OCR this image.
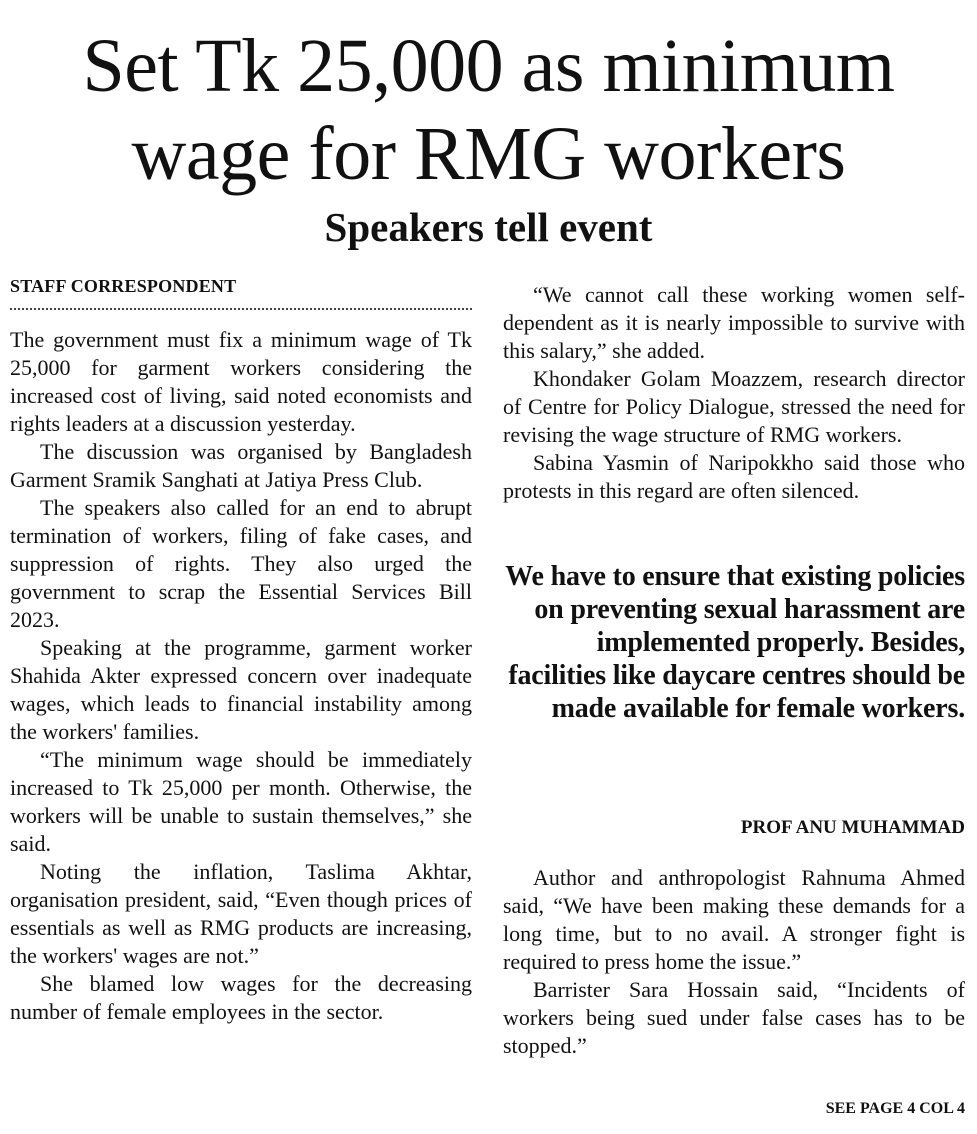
Set Tk 25,000 as minimum
wage for RMG workers
Speakers tell event
STAFF CORRESPONDENT

The government must fix a minimum wage of Tk 25,000 for garment workers considering the increased cost of living, said noted economists and rights leaders at a discussion yesterday.

The discussion was organised by Bangladesh Garment Sramik Sanghati at Jatiya Press Club.

The speakers also called for an end to abrupt termination of workers, filing of fake cases, and suppression of rights. They also urged the government to scrap the Essential Services Bill 2023.

Speaking at the programme, garment worker Shahida Akter expressed concern over inadequate wages, which leads to financial instability among the workers' families.

“The minimum wage should be immediately increased to Tk 25,000 per month. Otherwise, the workers will be unable to sustain themselves,” she said.

Noting the inflation, Taslima Akhtar, organisation president, said, “Even though prices of essentials as well as RMG products are increasing, the workers' wages are not.”

She blamed low wages for the decreasing number of female employees in the sector.

“We cannot call these working women self-dependent as it is nearly impossible to survive with this salary,” she added.

Khondaker Golam Moazzem, research director of Centre for Policy Dialogue, stressed the need for revising the wage structure of RMG workers.

Sabina Yasmin of Naripokkho said those who protests in this regard are often silenced.

We have to ensure that existing policies on preventing sexual harassment are implemented properly. Besides, facilities like daycare centres should be made available for female workers.
PROF ANU MUHAMMAD

Author and anthropologist Rahnuma Ahmed said, “We have been making these demands for a long time, but to no avail. A stronger fight is required to press home the issue.”

Barrister Sara Hossain said, “Incidents of workers being sued under false cases has to be stopped.”

SEE PAGE 4 COL 4
